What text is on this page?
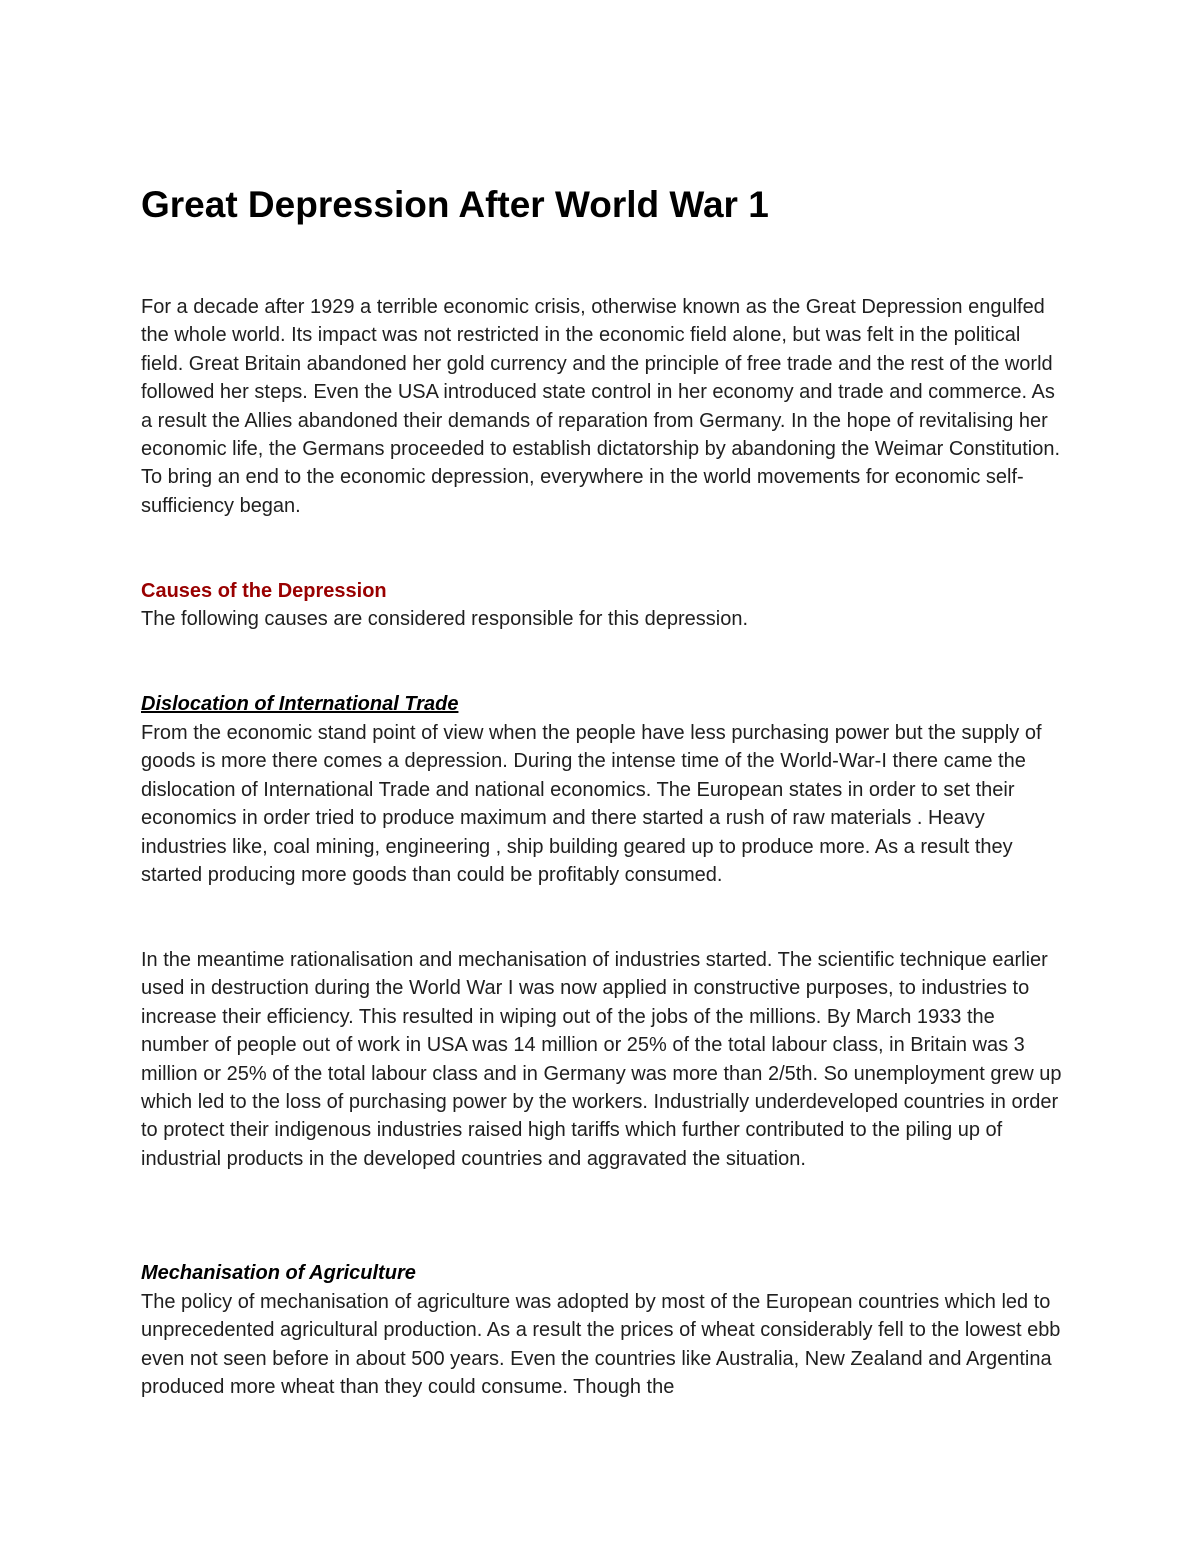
Great Depression After World War 1

For a decade after 1929 a terrible economic crisis, otherwise known as the Great Depression engulfed the whole world. Its impact was not restricted in the economic field alone, but was felt in the political field. Great Britain abandoned her gold currency and the principle of free trade and the rest of the world followed her steps. Even the USA introduced state control in her economy and trade and commerce. As a result the Allies abandoned their demands of reparation from Germany. In the hope of revitalising her economic life, the Germans proceeded to establish dictatorship by abandoning the Weimar Constitution. To bring an end to the economic depression, everywhere in the world movements for economic self-sufficiency began.

Causes of the Depression

The following causes are considered responsible for this depression.

Dislocation of International Trade

From the economic stand point of view when the people have less purchasing power but the supply of goods is more there comes a depression. During the intense time of the World-War-I there came the dislocation of International Trade and national economics. The European states in order to set their economics in order tried to produce maximum and there started a rush of raw materials . Heavy industries like, coal mining, engineering , ship building geared up to produce more. As a result they started producing more goods than could be profitably consumed.

In the meantime rationalisation and mechanisation of industries started. The scientific technique earlier used in destruction during the World War I was now applied in constructive purposes, to industries to increase their efficiency. This resulted in wiping out of the jobs of the millions. By March 1933 the number of people out of work in USA was 14 million or 25% of the total labour class, in Britain was 3 million or 25% of the total labour class and in Germany was more than 2/5th. So unemployment grew up which led to the loss of purchasing power by the workers. Industrially underdeveloped countries in order to protect their indigenous industries raised high tariffs which further contributed to the piling up of industrial products in the developed countries and aggravated the situation.

Mechanisation of Agriculture

The policy of mechanisation of agriculture was adopted by most of the European countries which led to unprecedented agricultural production. As a result the prices of wheat considerably fell to the lowest ebb even not seen before in about 500 years. Even the countries like Australia, New Zealand and Argentina produced more wheat than they could consume. Though the
